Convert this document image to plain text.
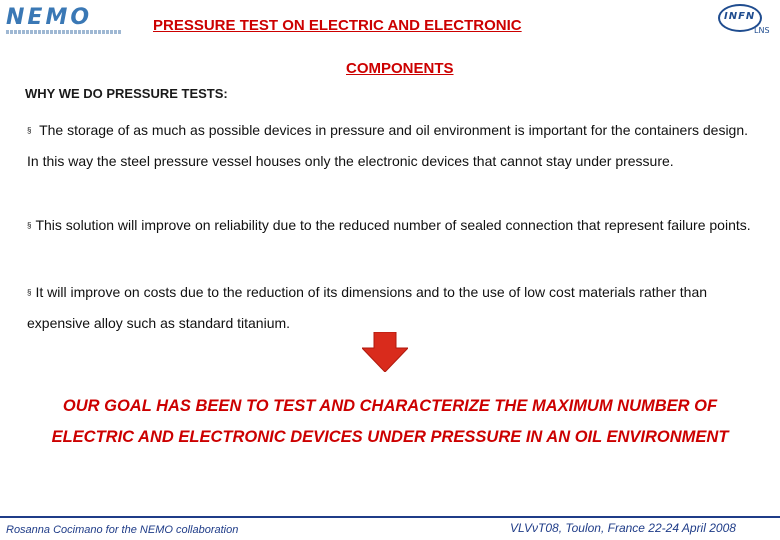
NEMO	INFN
LNS
PRESSURE TEST ON ELECTRIC AND ELECTRONIC
COMPONENTS
WHY WE DO PRESSURE TESTS:
§ The storage of as much as possible devices in pressure and oil environment is important for the containers design. In this way the steel pressure vessel houses only the electronic devices that cannot stay under pressure.
§ This solution will improve on reliability due to the reduced number of sealed connection that represent failure points.
§ It will improve on costs due to the reduction of its dimensions and to the use of low cost materials rather than expensive alloy such as standard titanium.
OUR GOAL HAS BEEN TO TEST AND CHARACTERIZE THE MAXIMUM NUMBER OF ELECTRIC AND ELECTRONIC DEVICES UNDER PRESSURE IN AN OIL ENVIRONMENT
Rosanna Cocimano for the NEMO collaboration	VLVνT08, Toulon, France 22-24 April 2008
